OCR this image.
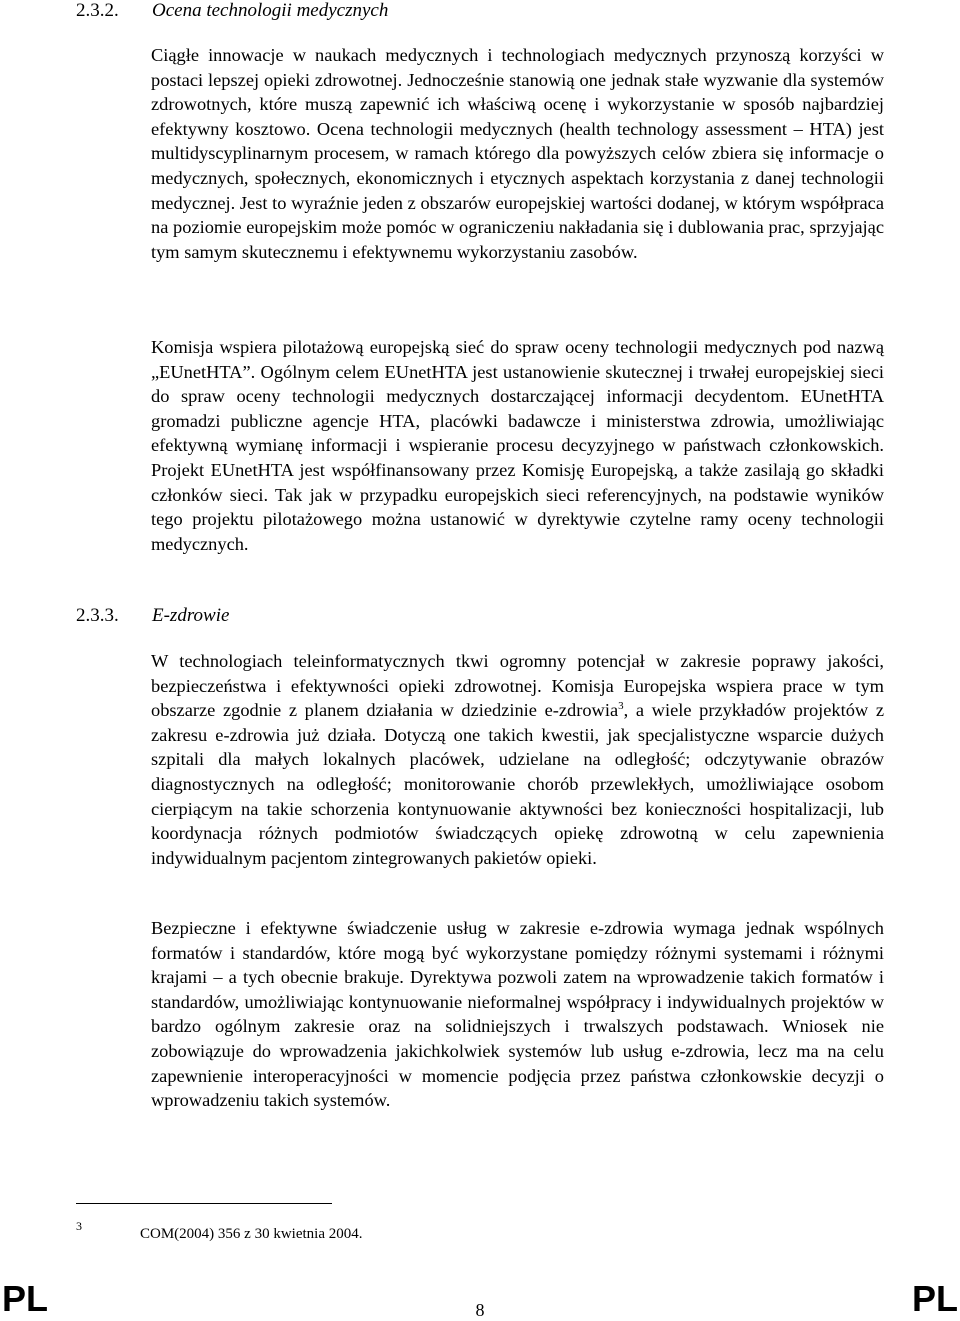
2.3.2. Ocena technologii medycznych

Ciągłe innowacje w naukach medycznych i technologiach medycznych przynoszą korzyści w postaci lepszej opieki zdrowotnej. Jednocześnie stanowią one jednak stałe wyzwanie dla systemów zdrowotnych, które muszą zapewnić ich właściwą ocenę i wykorzystanie w sposób najbardziej efektywny kosztowo. Ocena technologii medycznych (health technology assessment – HTA) jest multidyscyplinarnym procesem, w ramach którego dla powyższych celów zbiera się informacje o medycznych, społecznych, ekonomicznych i etycznych aspektach korzystania z danej technologii medycznej. Jest to wyraźnie jeden z obszarów europejskiej wartości dodanej, w którym współpraca na poziomie europejskim może pomóc w ograniczeniu nakładania się i dublowania prac, sprzyjając tym samym skutecznemu i efektywnemu wykorzystaniu zasobów.

Komisja wspiera pilotażową europejską sieć do spraw oceny technologii medycznych pod nazwą „EUnetHTA”. Ogólnym celem EUnetHTA jest ustanowienie skutecznej i trwałej europejskiej sieci do spraw oceny technologii medycznych dostarczającej informacji decydentom. EUnetHTA gromadzi publiczne agencje HTA, placówki badawcze i ministerstwa zdrowia, umożliwiając efektywną wymianę informacji i wspieranie procesu decyzyjnego w państwach członkowskich. Projekt EUnetHTA jest współfinansowany przez Komisję Europejską, a także zasilają go składki członków sieci. Tak jak w przypadku europejskich sieci referencyjnych, na podstawie wyników tego projektu pilotażowego można ustanowić w dyrektywie czytelne ramy oceny technologii medycznych.

2.3.3. E-zdrowie

W technologiach teleinformatycznych tkwi ogromny potencjał w zakresie poprawy jakości, bezpieczeństwa i efektywności opieki zdrowotnej. Komisja Europejska wspiera prace w tym obszarze zgodnie z planem działania w dziedzinie e-zdrowia$^3$, a wiele przykładów projektów z zakresu e-zdrowia już działa. Dotyczą one takich kwestii, jak specjalistyczne wsparcie dużych szpitali dla małych lokalnych placówek, udzielane na odległość; odczytywanie obrazów diagnostycznych na odległość; monitorowanie chorób przewlekłych, umożliwiające osobom cierpiącym na takie schorzenia kontynuowanie aktywności bez konieczności hospitalizacji, lub koordynacja różnych podmiotów świadczących opiekę zdrowotną w celu zapewnienia indywidualnym pacjentom zintegrowanych pakietów opieki.

Bezpieczne i efektywne świadczenie usług w zakresie e-zdrowia wymaga jednak wspólnych formatów i standardów, które mogą być wykorzystane pomiędzy różnymi systemami i różnymi krajami – a tych obecnie brakuje. Dyrektywa pozwoli zatem na wprowadzenie takich formatów i standardów, umożliwiając kontynuowanie nieformalnej współpracy i indywidualnych projektów w bardzo ogólnym zakresie oraz na solidniejszych i trwalszych podstawach. Wniosek nie zobowiązuje do wprowadzenia jakichkolwiek systemów lub usług e-zdrowia, lecz ma na celu zapewnienie interoperacyjności w momencie podjęcia przez państwa członkowskie decyzji o wprowadzeniu takich systemów.

3	COM(2004) 356 z 30 kwietnia 2004.
PL	8	PL
